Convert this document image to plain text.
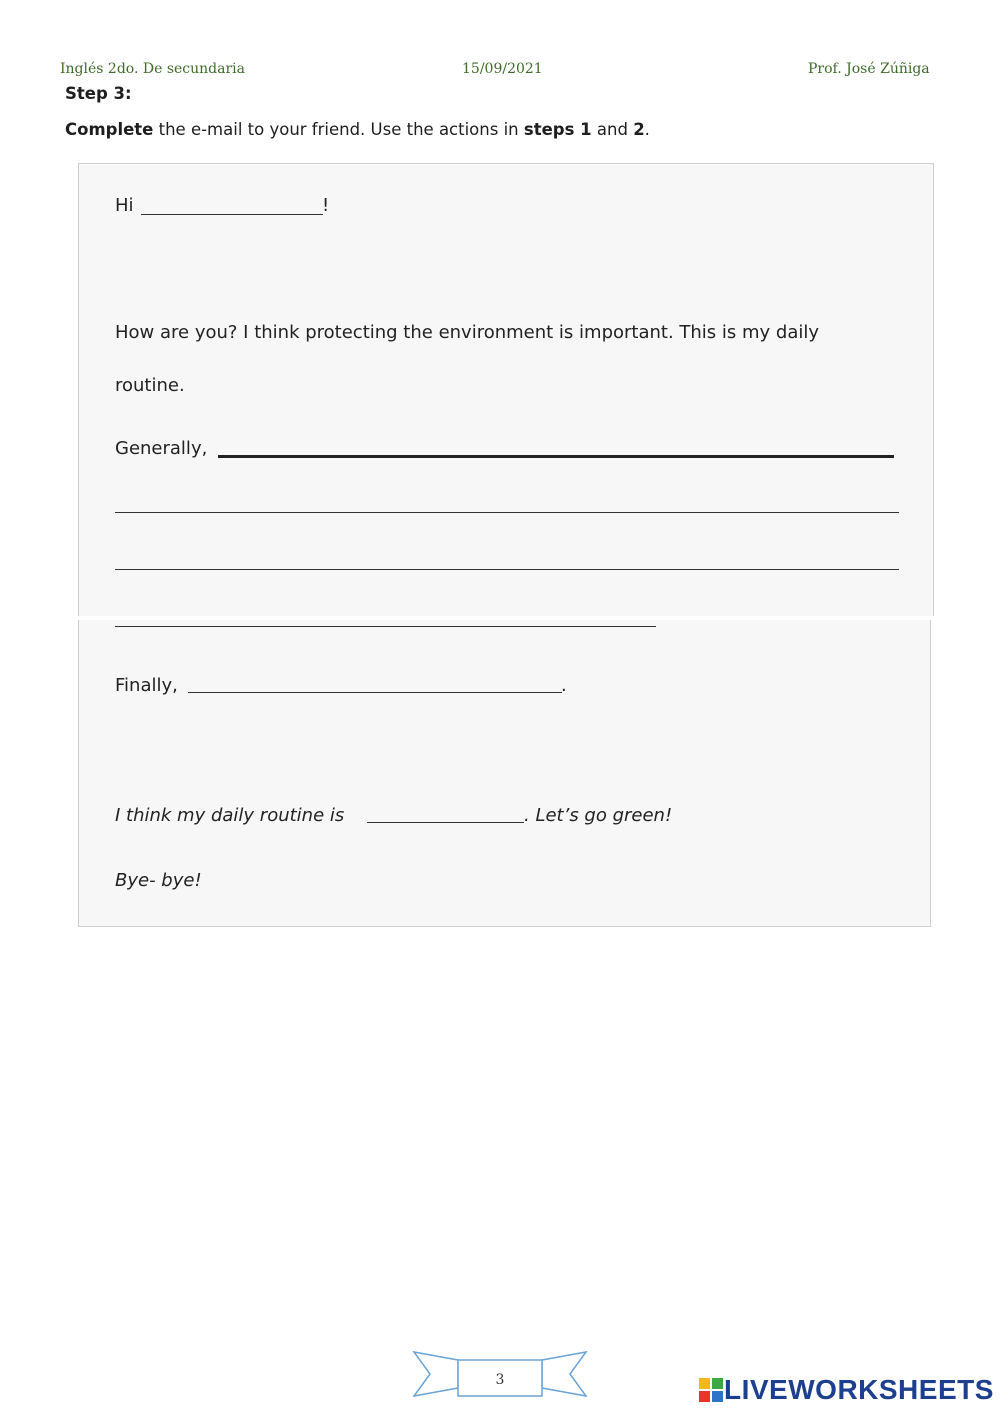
Inglés 2do. De secundaria	15/09/2021	Prof. José Zúñiga
Step 3:
Complete the e-mail to your friend. Use the actions in steps 1 and 2.
Hi	!
How are you? I think protecting the environment is important. This is my daily
routine.
Generally,
Finally,	.
I think my daily routine is	. Let’s go green!
Bye- bye!
3	LIVEWORKSHEETS
